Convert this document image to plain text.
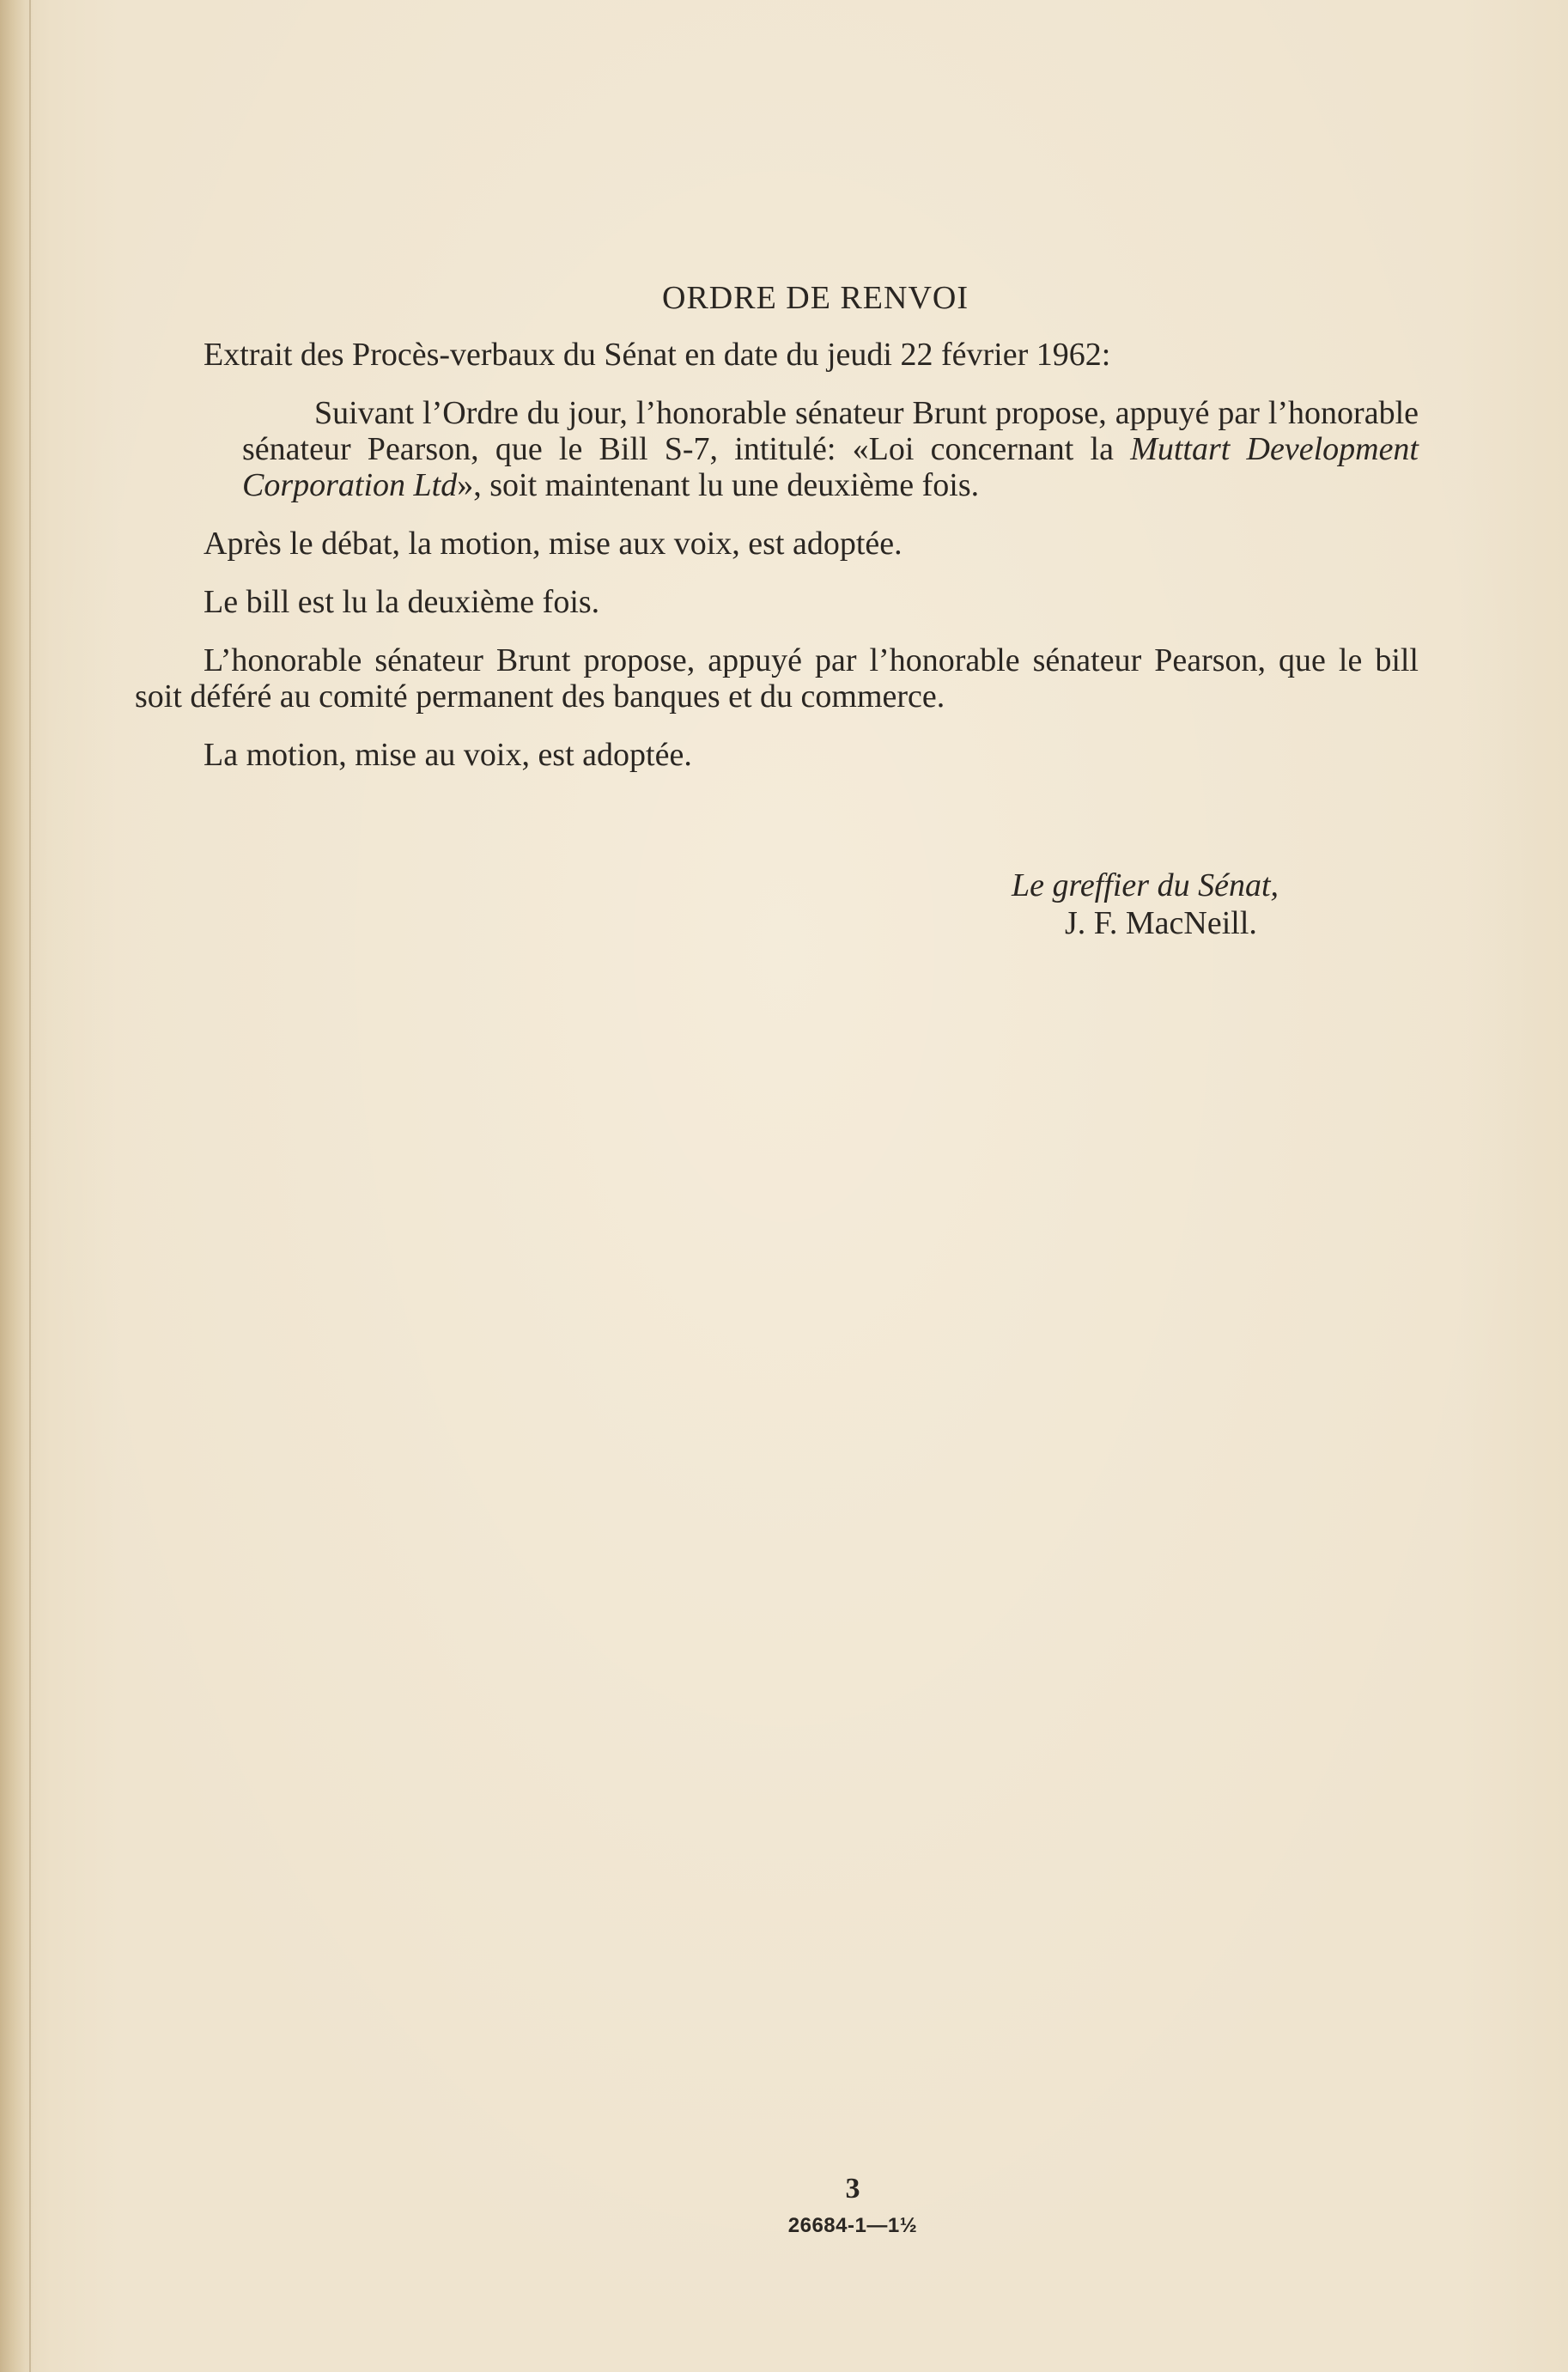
ORDRE DE RENVOI

Extrait des Procès-verbaux du Sénat en date du jeudi 22 février 1962:

Suivant l’Ordre du jour, l’honorable sénateur Brunt propose, appuyé par l’honorable sénateur Pearson, que le Bill S-7, intitulé: «Loi concernant la Muttart Development Corporation Ltd», soit maintenant lu une deuxième fois.

Après le débat, la motion, mise aux voix, est adoptée.

Le bill est lu la deuxième fois.

L’honorable sénateur Brunt propose, appuyé par l’honorable sénateur Pearson, que le bill soit déféré au comité permanent des banques et du commerce.

La motion, mise au voix, est adoptée.

Le greffier du Sénat,
J. F. MacNeill.
3
26684-1—1½
